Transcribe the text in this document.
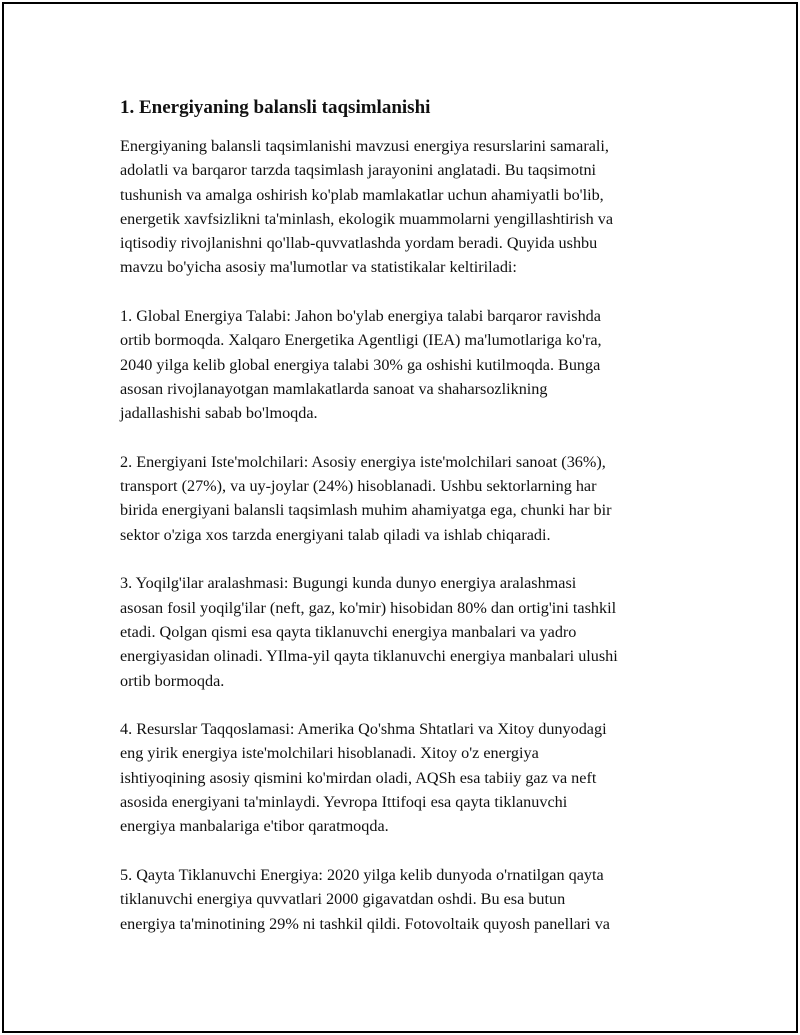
1. Energiyaning balansli taqsimlanishi
Energiyaning balansli taqsimlanishi mavzusi energiya resurslarini samarali,
adolatli va barqaror tarzda taqsimlash jarayonini anglatadi. Bu taqsimotni
tushunish va amalga oshirish ko'plab mamlakatlar uchun ahamiyatli bo'lib,
energetik xavfsizlikni ta'minlash, ekologik muammolarni yengillashtirish va
iqtisodiy rivojlanishni qo'llab-quvvatlashda yordam beradi. Quyida ushbu
mavzu bo'yicha asosiy ma'lumotlar va statistikalar keltiriladi:
1. Global Energiya Talabi: Jahon bo'ylab energiya talabi barqaror ravishda
ortib bormoqda. Xalqaro Energetika Agentligi (IEA) ma'lumotlariga ko'ra,
2040 yilga kelib global energiya talabi 30% ga oshishi kutilmoqda. Bunga
asosan rivojlanayotgan mamlakatlarda sanoat va shaharsozlikning
jadallashishi sabab bo'lmoqda.
2. Energiyani Iste'molchilari: Asosiy energiya iste'molchilari sanoat (36%),
transport (27%), va uy-joylar (24%) hisoblanadi. Ushbu sektorlarning har
birida energiyani balansli taqsimlash muhim ahamiyatga ega, chunki har bir
sektor o'ziga xos tarzda energiyani talab qiladi va ishlab chiqaradi.
3. Yoqilg'ilar aralashmasi: Bugungi kunda dunyo energiya aralashmasi
asosan fosil yoqilg'ilar (neft, gaz, ko'mir) hisobidan 80% dan ortig'ini tashkil
etadi. Qolgan qismi esa qayta tiklanuvchi energiya manbalari va yadro
energiyasidan olinadi. YIlma-yil qayta tiklanuvchi energiya manbalari ulushi
ortib bormoqda.
4. Resurslar Taqqoslamasi: Amerika Qo'shma Shtatlari va Xitoy dunyodagi
eng yirik energiya iste'molchilari hisoblanadi. Xitoy o'z energiya
ishtiyoqining asosiy qismini ko'mirdan oladi, AQSh esa tabiiy gaz va neft
asosida energiyani ta'minlaydi. Yevropa Ittifoqi esa qayta tiklanuvchi
energiya manbalariga e'tibor qaratmoqda.
5. Qayta Tiklanuvchi Energiya: 2020 yilga kelib dunyoda o'rnatilgan qayta
tiklanuvchi energiya quvvatlari 2000 gigavatdan oshdi. Bu esa butun
energiya ta'minotining 29% ni tashkil qildi. Fotovoltaik quyosh panellari va
